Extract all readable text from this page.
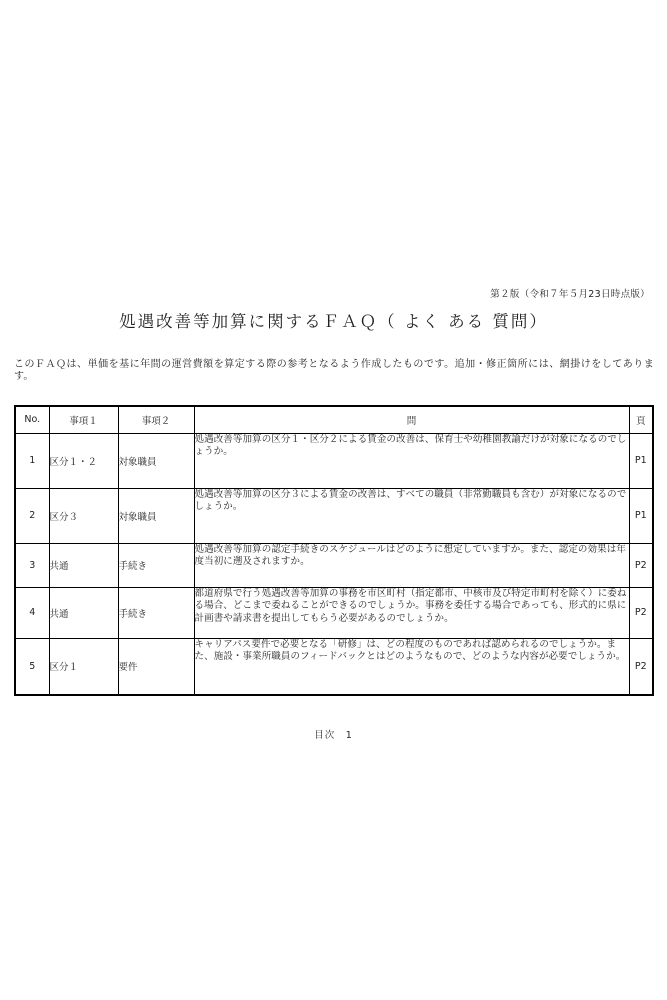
第２版（令和７年５月23日時点版）
処遇改善等加算に関するＦＡＱ（ よく ある 質問）

このＦＡＱは、単価を基に年間の運営費額を算定する際の参考となるよう作成したものです。追加・修正箇所には、網掛けをしてあります。

No.	事項１	事項２	問	頁
1	区分１・２	対象職員	処遇改善等加算の区分１・区分２による賃金の改善は、保育士や幼稚園教諭だけが対象になるのでしょうか。	P1
2	区分３	対象職員	処遇改善等加算の区分３による賃金の改善は、すべての職員（非常勤職員も含む）が対象になるのでしょうか。	P1
3	共通	手続き	処遇改善等加算の認定手続きのスケジュールはどのように想定していますか。また、認定の効果は年度当初に遡及されますか。	P2
4	共通	手続き	都道府県で行う処遇改善等加算の事務を市区町村（指定都市、中核市及び特定市町村を除く）に委ねる場合、どこまで委ねることができるのでしょうか。事務を委任する場合であっても、形式的に県に計画書や請求書を提出してもらう必要があるのでしょうか。	P2
5	区分１	要件	キャリアパス要件で必要となる「研修」は、どの程度のものであれば認められるのでしょうか。また、施設・事業所職員のフィードバックとはどのようなもので、どのような内容が必要でしょうか。	P2
目次　1
